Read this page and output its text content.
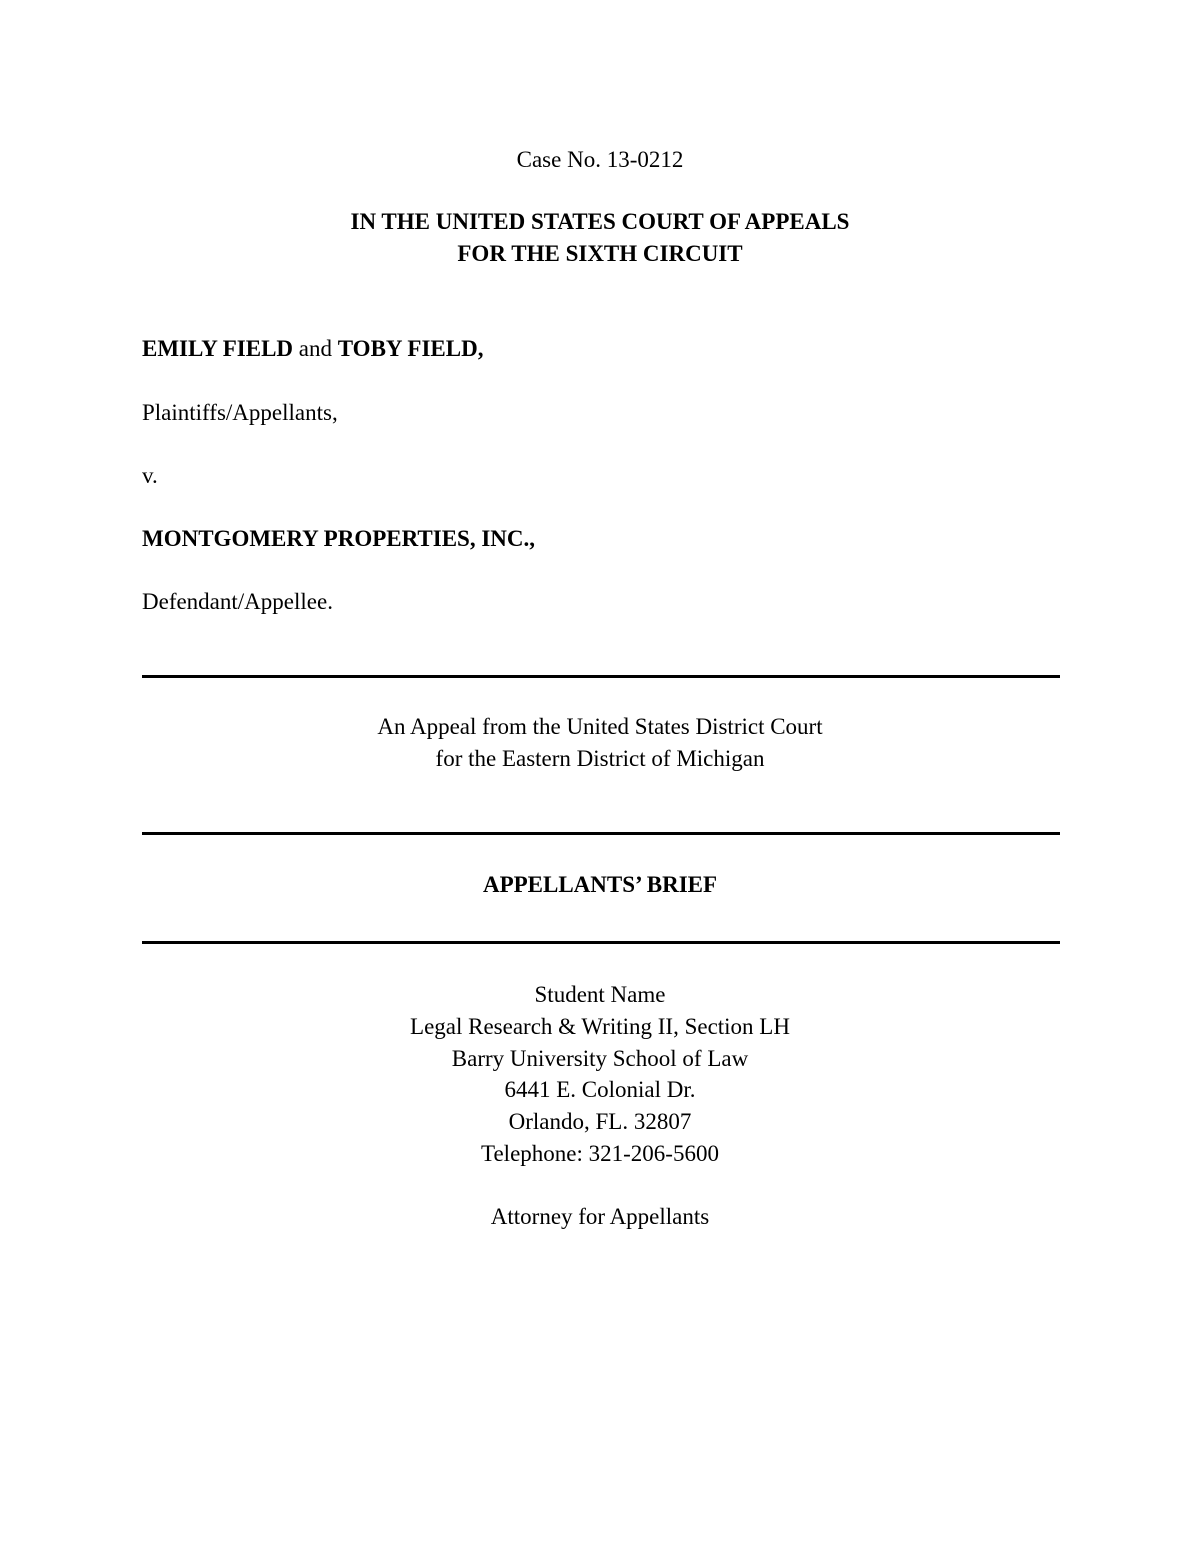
Case No. 13-0212

IN THE UNITED STATES COURT OF APPEALS

FOR THE SIXTH CIRCUIT

EMILY FIELD and TOBY FIELD,

Plaintiffs/Appellants,

v.

MONTGOMERY PROPERTIES, INC.,

Defendant/Appellee.

An Appeal from the United States District Court

for the Eastern District of Michigan

APPELLANTS’ BRIEF

Student Name

Legal Research & Writing II, Section LH

Barry University School of Law

6441 E. Colonial Dr.

Orlando, FL. 32807

Telephone: 321-206-5600

Attorney for Appellants
